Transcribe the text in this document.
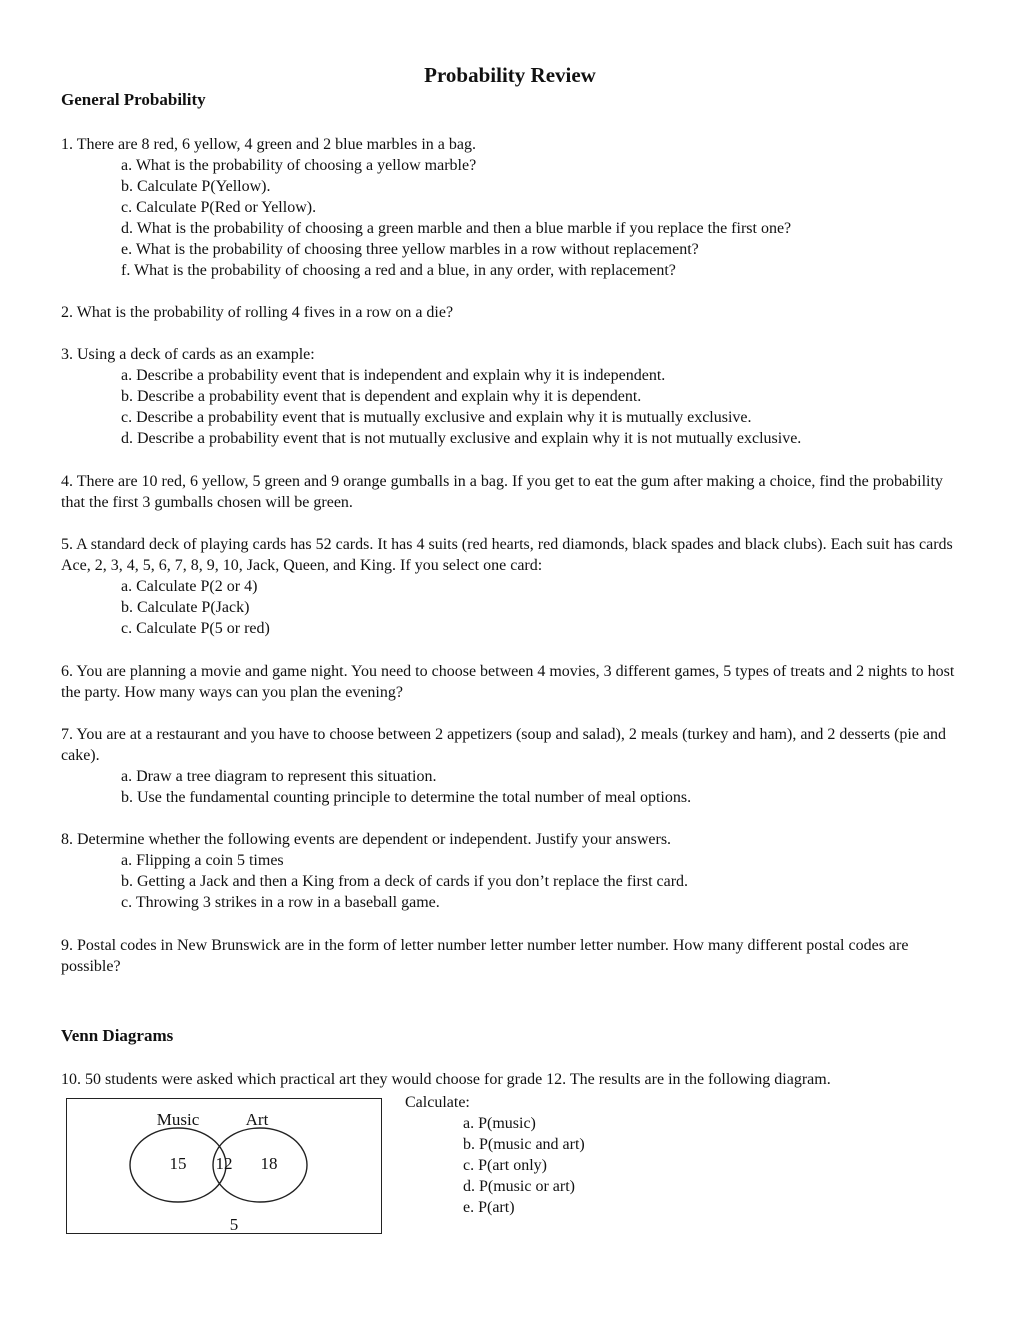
Probability Review
General Probability

1. There are 8 red, 6 yellow, 4 green and 2 blue marbles in a bag.

a. What is the probability of choosing a yellow marble?

b. Calculate P(Yellow).

c. Calculate P(Red or Yellow).

d. What is the probability of choosing a green marble and then a blue marble if you replace the first one?

e. What is the probability of choosing three yellow marbles in a row without replacement?

f. What is the probability of choosing a red and a blue, in any order, with replacement?

2. What is the probability of rolling 4 fives in a row on a die?

3. Using a deck of cards as an example:

a. Describe a probability event that is independent and explain why it is independent.

b. Describe a probability event that is dependent and explain why it is dependent.

c. Describe a probability event that is mutually exclusive and explain why it is mutually exclusive.

d. Describe a probability event that is not mutually exclusive and explain why it is not mutually exclusive.

4. There are 10 red, 6 yellow, 5 green and 9 orange gumballs in a bag. If you get to eat the gum after making a choice, find the probability that the first 3 gumballs chosen will be green.

5. A standard deck of playing cards has 52 cards. It has 4 suits (red hearts, red diamonds, black spades and black clubs). Each suit has cards Ace, 2, 3, 4, 5, 6, 7, 8, 9, 10, Jack, Queen, and King. If you select one card:

a. Calculate P(2 or 4)

b. Calculate P(Jack)

c. Calculate P(5 or red)

6. You are planning a movie and game night. You need to choose between 4 movies, 3 different games, 5 types of treats and 2 nights to host the party. How many ways can you plan the evening?

7. You are at a restaurant and you have to choose between 2 appetizers (soup and salad), 2 meals (turkey and ham), and 2 desserts (pie and cake).

a. Draw a tree diagram to represent this situation.

b. Use the fundamental counting principle to determine the total number of meal options.

8. Determine whether the following events are dependent or independent. Justify your answers.

a. Flipping a coin 5 times

b. Getting a Jack and then a King from a deck of cards if you don’t replace the first card.

c. Throwing 3 strikes in a row in a baseball game.

9. Postal codes in New Brunswick are in the form of letter number letter number letter number. How many different postal codes are possible?

Venn Diagrams
10. 50 students were asked which practical art they would choose for grade 12. The results are in the following diagram.
Music	Art
15 12 18
5

Calculate:

a. P(music)

b. P(music and art)

c. P(art only)

d. P(music or art)

e. P(art)
